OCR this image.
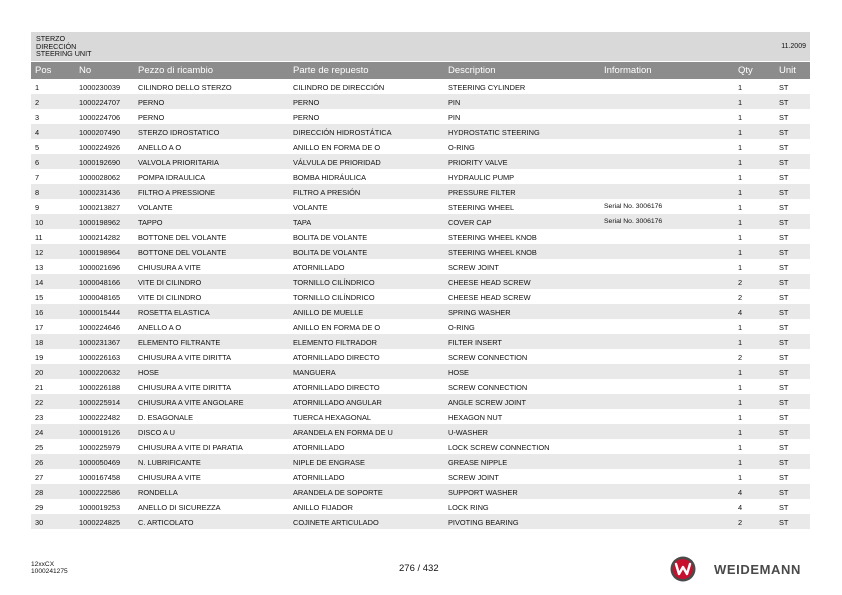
STERZO
DIRECCIÓN
STEERING UNIT
11.2009
Pos	No	Pezzo di ricambio	Parte de repuesto	Description	Information	Qty	Unit
1	1000230039 CILINDRO DELLO STERZO	CILINDRO DE DIRECCIÓN	STEERING CYLINDER	1	ST
2	1000224707 PERNO	PERNO	PIN	1	ST
3	1000224706 PERNO	PERNO	PIN	1	ST
4	1000207490 STERZO IDROSTATICO	DIRECCIÓN HIDROSTÁTICA	HYDROSTATIC STEERING	1	ST
5	1000224926 ANELLO A O	ANILLO EN FORMA DE O	O-RING	1	ST
6	1000192690 VALVOLA PRIORITARIA	VÁLVULA DE PRIORIDAD	PRIORITY VALVE	1	ST
7	1000028062 POMPA IDRAULICA	BOMBA HIDRÁULICA	HYDRAULIC PUMP	1	ST
8	1000231436 FILTRO A PRESSIONE	FILTRO A PRESIÓN	PRESSURE FILTER	1	ST
9	1000213827 VOLANTE	VOLANTE	STEERING WHEEL	Serial No. 3006176	1	ST
10	1000198962 TAPPO	TAPA	COVER CAP	Serial No. 3006176	1	ST
11	1000214282 BOTTONE DEL VOLANTE	BOLITA DE VOLANTE	STEERING WHEEL KNOB	1	ST
12	1000198964 BOTTONE DEL VOLANTE	BOLITA DE VOLANTE	STEERING WHEEL KNOB	1	ST
13	1000021696 CHIUSURA A VITE	ATORNILLADO	SCREW JOINT	1	ST
14	1000048166 VITE DI CILINDRO	TORNILLO CILÍNDRICO	CHEESE HEAD SCREW	2	ST
15	1000048165 VITE DI CILINDRO	TORNILLO CILÍNDRICO	CHEESE HEAD SCREW	2	ST
16	1000015444 ROSETTA ELASTICA	ANILLO DE MUELLE	SPRING WASHER	4	ST
17	1000224646 ANELLO A O	ANILLO EN FORMA DE O	O-RING	1	ST
18	1000231367 ELEMENTO FILTRANTE	ELEMENTO FILTRADOR	FILTER INSERT	1	ST
19	1000226163 CHIUSURA A VITE DIRITTA	ATORNILLADO DIRECTO	SCREW CONNECTION	2	ST
20	1000220632 HOSE	MANGUERA	HOSE	1	ST
21	1000226188 CHIUSURA A VITE DIRITTA	ATORNILLADO DIRECTO	SCREW CONNECTION	1	ST
22	1000225914 CHIUSURA A VITE ANGOLARE	ATORNILLADO ANGULAR	ANGLE SCREW JOINT	1	ST
23	1000222482 D. ESAGONALE	TUERCA HEXAGONAL	HEXAGON NUT	1	ST
24	1000019126 DISCO A U	ARANDELA EN FORMA DE U	U-WASHER	1	ST
25	1000225979 CHIUSURA A VITE DI PARATIA	ATORNILLADO	LOCK SCREW CONNECTION	1	ST
26	1000050469 N. LUBRIFICANTE	NIPLE DE ENGRASE	GREASE NIPPLE	1	ST
27	1000167458 CHIUSURA A VITE	ATORNILLADO	SCREW JOINT	1	ST
28	1000222586 RONDELLA	ARANDELA DE SOPORTE	SUPPORT WASHER	4	ST
29	1000019253 ANELLO DI SICUREZZA	ANILLO FIJADOR	LOCK RING	4	ST
30	1000224825 C. ARTICOLATO	COJINETE ARTICULADO	PIVOTING BEARING	2	ST
12xxCX
1000241275	276 / 432	WEIDEMANN
